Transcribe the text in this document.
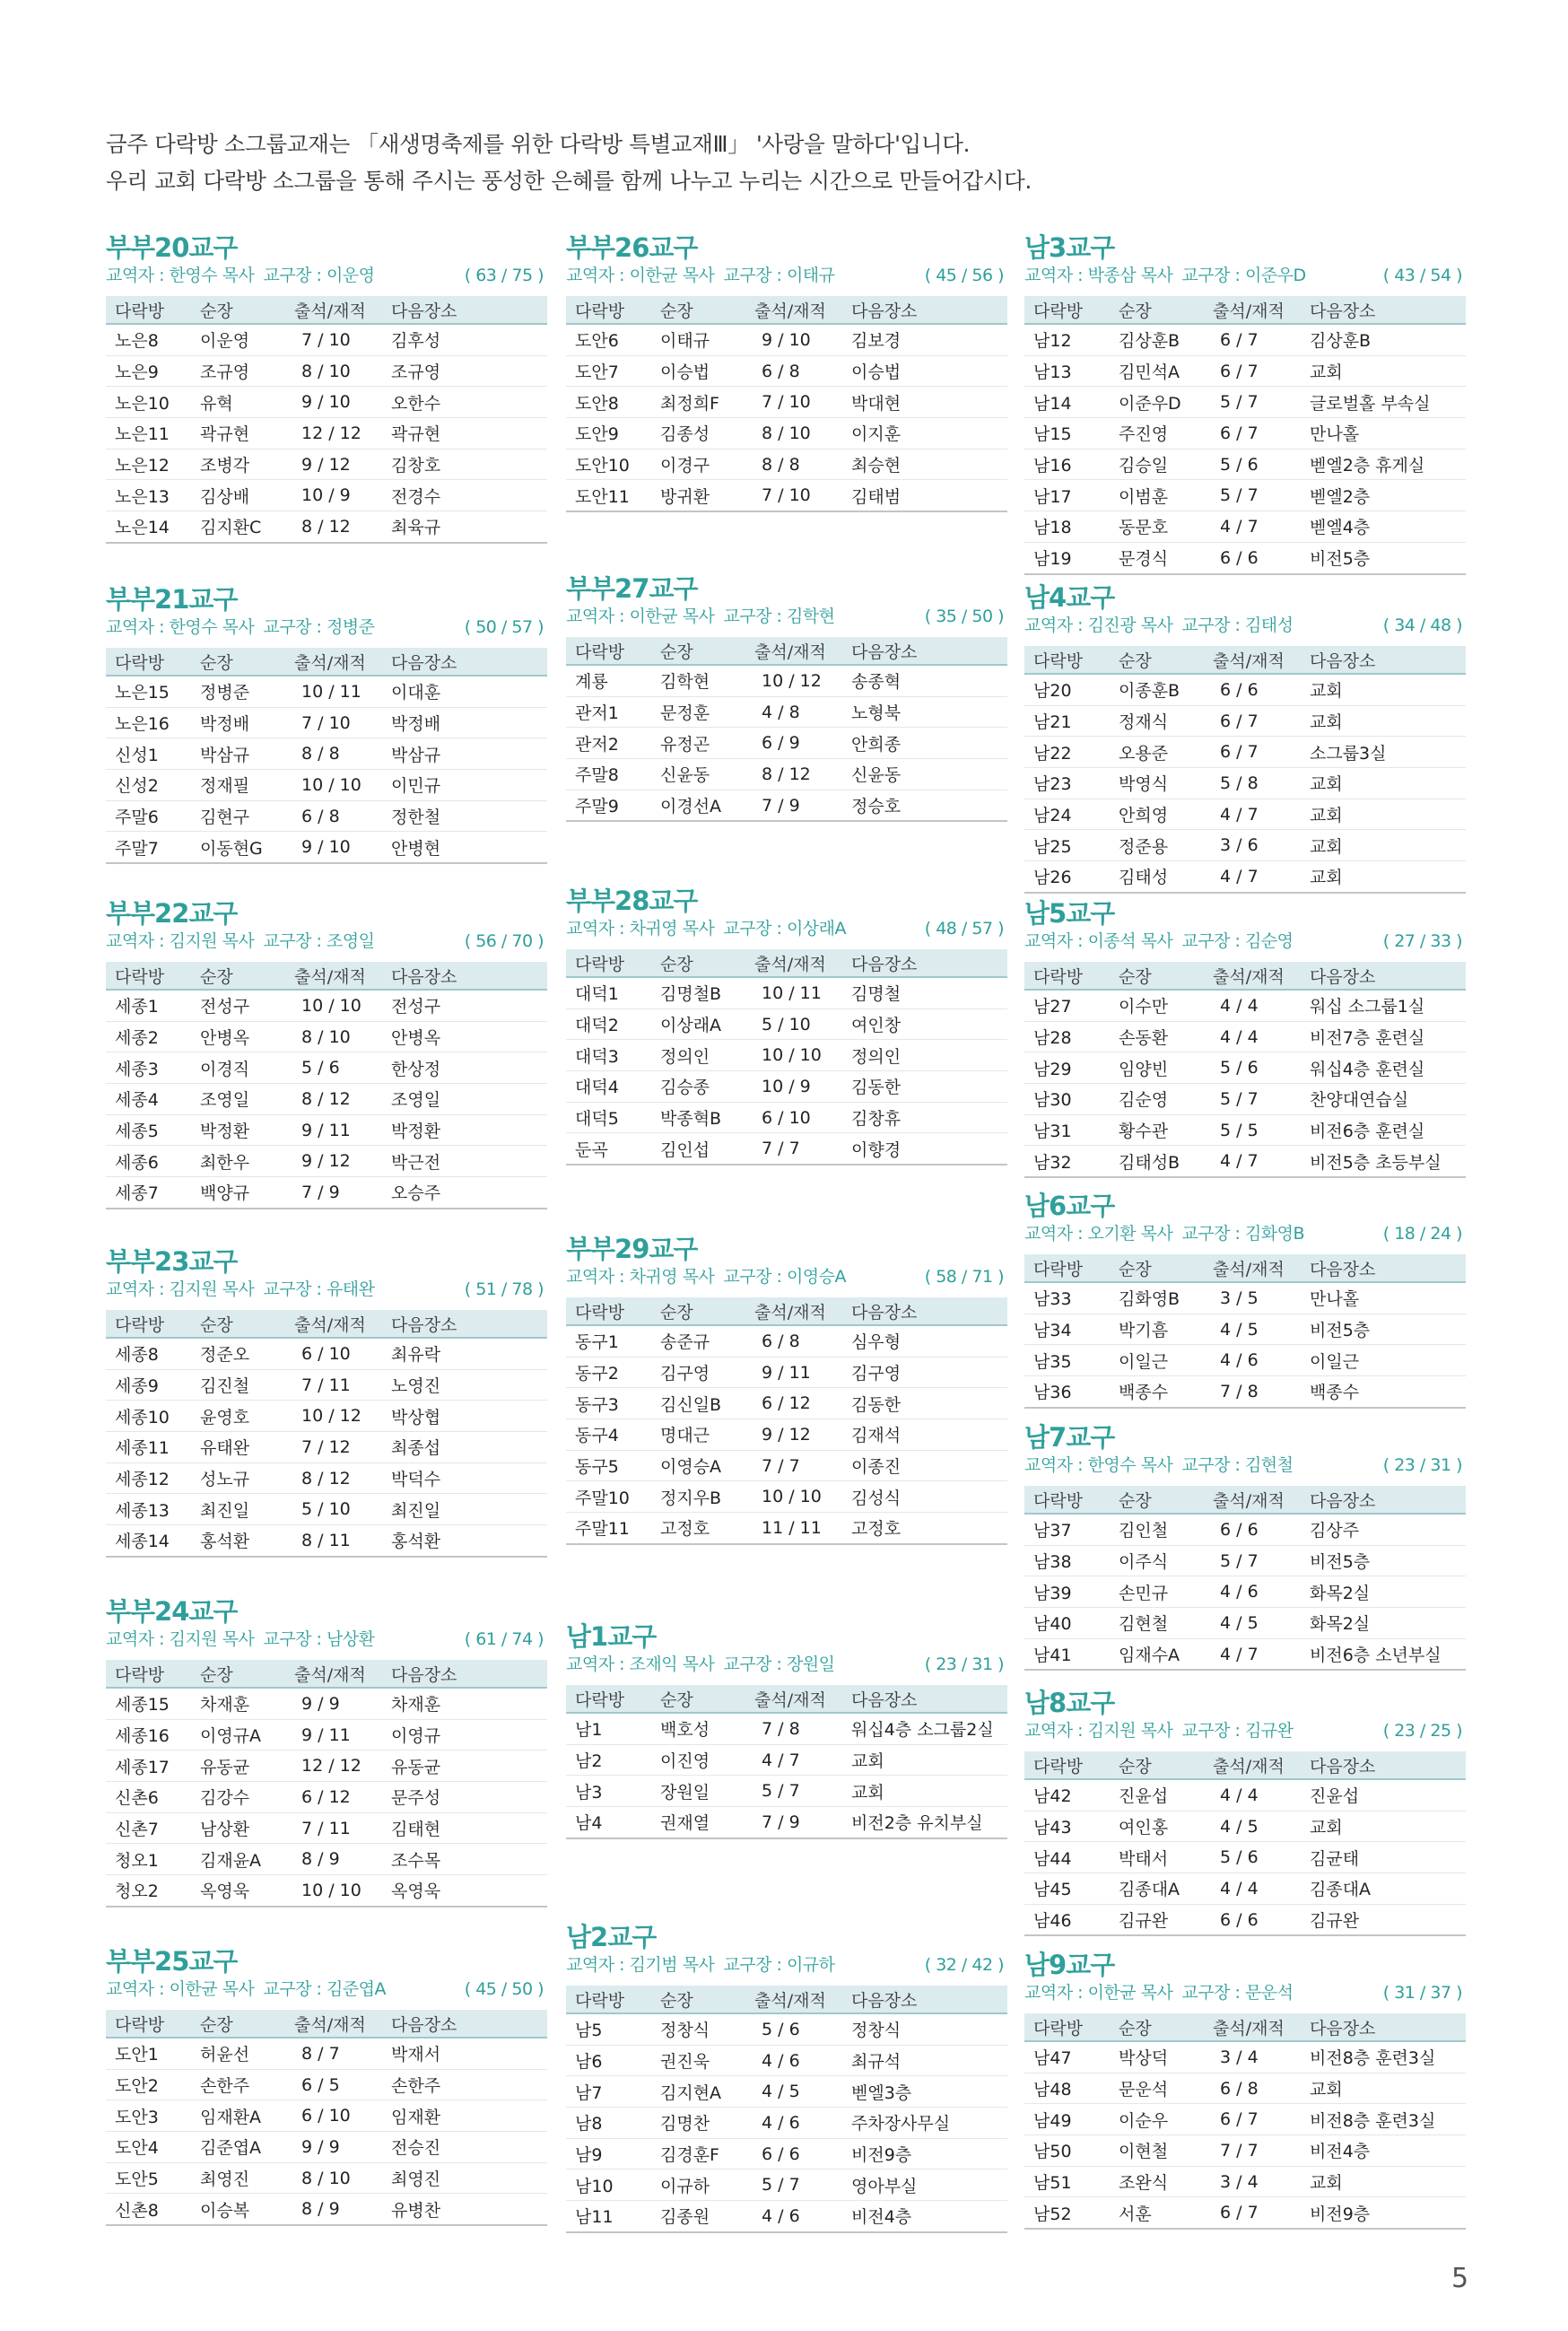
금주 다락방 소그룹교재는 「새생명축제를 위한 다락방 특별교재Ⅲ」 '사랑을 말하다'입니다.
우리 교회 다락방 소그룹을 통해 주시는 풍성한 은혜를 함께 나누고 누리는 시간으로 만들어갑시다.
부부20교구
교역자 : 한영수 목사 교구장 : 이운영	( 63 / 75 )
다락방	순장	출석/재적	다음장소
노은8	이운영	7 / 10	김후성
노은9	조규영	8 / 10	조규영
노은10	유혁	9 / 10	오한수
노은11	곽규현	12 / 12	곽규현
노은12	조병각	9 / 12	김창호
노은13	김상배	10 / 9	전경수
노은14	김지환C	8 / 12	최육규
부부21교구
교역자 : 한영수 목사 교구장 : 정병준	( 50 / 57 )
다락방	순장	출석/재적	다음장소
노은15	정병준	10 / 11	이대훈
노은16	박정배	7 / 10	박정배
신성1	박삼규	8 / 8	박삼규
신성2	정재필	10 / 10	이민규
주말6	김현구	6 / 8	정한철
주말7	이동현G	9 / 10	안병현
부부22교구
교역자 : 김지원 목사 교구장 : 조영일	( 56 / 70 )
다락방	순장	출석/재적	다음장소
세종1	전성구	10 / 10	전성구
세종2	안병옥	8 / 10	안병옥
세종3	이경직	5 / 6	한상정
세종4	조영일	8 / 12	조영일
세종5	박정환	9 / 11	박정환
세종6	최한우	9 / 12	박근전
세종7	백양규	7 / 9	오승주
부부23교구
교역자 : 김지원 목사 교구장 : 유태완	( 51 / 78 )
다락방	순장	출석/재적	다음장소
세종8	정준오	6 / 10	최유락
세종9	김진철	7 / 11	노영진
세종10	윤영호	10 / 12	박상협
세종11	유태완	7 / 12	최종섭
세종12	성노규	8 / 12	박덕수
세종13	최진일	5 / 10	최진일
세종14	홍석환	8 / 11	홍석환
부부24교구
교역자 : 김지원 목사 교구장 : 남상환	( 61 / 74 )
다락방	순장	출석/재적	다음장소
세종15	차재훈	9 / 9	차재훈
세종16	이영규A	9 / 11	이영규
세종17	유동균	12 / 12	유동균
신촌6	김강수	6 / 12	문주성
신촌7	남상환	7 / 11	김태현
청오1	김재윤A	8 / 9	조수목
청오2	옥영욱	10 / 10	옥영욱
부부25교구
교역자 : 이한균 목사 교구장 : 김준엽A	( 45 / 50 )
다락방	순장	출석/재적	다음장소
도안1	허윤선	8 / 7	박재서
도안2	손한주	6 / 5	손한주
도안3	임재환A	6 / 10	임재환
도안4	김준엽A	9 / 9	전승진
도안5	최영진	8 / 10	최영진
신촌8	이승복	8 / 9	유병찬
부부26교구
교역자 : 이한균 목사 교구장 : 이태규	( 45 / 56 )
다락방	순장	출석/재적	다음장소
도안6	이태규	9 / 10	김보경
도안7	이승법	6 / 8	이승법
도안8	최정희F	7 / 10	박대현
도안9	김종성	8 / 10	이지훈
도안10	이경구	8 / 8	최승현
도안11	방귀환	7 / 10	김태범
부부27교구
교역자 : 이한균 목사 교구장 : 김학현	( 35 / 50 )
다락방	순장	출석/재적	다음장소
계룡	김학현	10 / 12	송종혁
관저1	문정훈	4 / 8	노형북
관저2	유정곤	6 / 9	안희종
주말8	신윤동	8 / 12	신윤동
주말9	이경선A	7 / 9	정승호
부부28교구
교역자 : 차귀영 목사 교구장 : 이상래A	( 48 / 57 )
다락방	순장	출석/재적	다음장소
대덕1	김명철B	10 / 11	김명철
대덕2	이상래A	5 / 10	여인창
대덕3	정의인	10 / 10	정의인
대덕4	김승종	10 / 9	김동한
대덕5	박종혁B	6 / 10	김창휴
둔곡	김인섭	7 / 7	이향경
부부29교구
교역자 : 차귀영 목사 교구장 : 이영승A	( 58 / 71 )
다락방	순장	출석/재적	다음장소
동구1	송준규	6 / 8	심우형
동구2	김구영	9 / 11	김구영
동구3	김신일B	6 / 12	김동한
동구4	명대근	9 / 12	김재석
동구5	이영승A	7 / 7	이종진
주말10	정지우B	10 / 10	김성식
주말11	고정호	11 / 11	고정호
남1교구
교역자 : 조재익 목사 교구장 : 장원일	( 23 / 31 )
다락방	순장	출석/재적	다음장소
남1	백호성	7 / 8	워십4층 소그룹2실
남2	이진영	4 / 7	교회
남3	장원일	5 / 7	교회
남4	권재열	7 / 9	비전2층 유치부실
남2교구
교역자 : 김기범 목사 교구장 : 이규하	( 32 / 42 )
다락방	순장	출석/재적	다음장소
남5	정창식	5 / 6	정창식
남6	권진욱	4 / 6	최규석
남7	김지현A	4 / 5	벧엘3층
남8	김명찬	4 / 6	주차장사무실
남9	김경훈F	6 / 6	비전9층
남10	이규하	5 / 7	영아부실
남11	김종원	4 / 6	비전4층
남3교구
교역자 : 박종삼 목사 교구장 : 이준우D	( 43 / 54 )
다락방	순장	출석/재적	다음장소
남12	김상훈B	6 / 7	김상훈B
남13	김민석A	6 / 7	교회
남14	이준우D	5 / 7	글로벌홀 부속실
남15	주진영	6 / 7	만나홀
남16	김승일	5 / 6	벧엘2층 휴게실
남17	이범훈	5 / 7	벧엘2층
남18	동문호	4 / 7	벧엘4층
남19	문경식	6 / 6	비전5층
남4교구
교역자 : 김진광 목사 교구장 : 김태성	( 34 / 48 )
다락방	순장	출석/재적	다음장소
남20	이종훈B	6 / 6	교회
남21	정재식	6 / 7	교회
남22	오용준	6 / 7	소그룹3실
남23	박영식	5 / 8	교회
남24	안희영	4 / 7	교회
남25	정준용	3 / 6	교회
남26	김태성	4 / 7	교회
남5교구
교역자 : 이종석 목사 교구장 : 김순영	( 27 / 33 )
다락방	순장	출석/재적	다음장소
남27	이수만	4 / 4	워십 소그룹1실
남28	손동환	4 / 4	비전7층 훈련실
남29	임양빈	5 / 6	워십4층 훈련실
남30	김순영	5 / 7	찬양대연습실
남31	황수관	5 / 5	비전6층 훈련실
남32	김태성B	4 / 7	비전5층 초등부실
남6교구
교역자 : 오기환 목사 교구장 : 김화영B	( 18 / 24 )
다락방	순장	출석/재적	다음장소
남33	김화영B	3 / 5	만나홀
남34	박기흠	4 / 5	비전5층
남35	이일근	4 / 6	이일근
남36	백종수	7 / 8	백종수
남7교구
교역자 : 한영수 목사 교구장 : 김현철	( 23 / 31 )
다락방	순장	출석/재적	다음장소
남37	김인철	6 / 6	김상주
남38	이주식	5 / 7	비전5층
남39	손민규	4 / 6	화목2실
남40	김현철	4 / 5	화목2실
남41	임재수A	4 / 7	비전6층 소년부실
남8교구
교역자 : 김지원 목사 교구장 : 김규완	( 23 / 25 )
다락방	순장	출석/재적	다음장소
남42	진윤섭	4 / 4	진윤섭
남43	여인홍	4 / 5	교회
남44	박태서	5 / 6	김균태
남45	김종대A	4 / 4	김종대A
남46	김규완	6 / 6	김규완
남9교구
교역자 : 이한균 목사 교구장 : 문운석	( 31 / 37 )
다락방	순장	출석/재적	다음장소
남47	박상덕	3 / 4	비전8층 훈련3실
남48	문운석	6 / 8	교회
남49	이순우	6 / 7	비전8층 훈련3실
남50	이현철	7 / 7	비전4층
남51	조완식	3 / 4	교회
남52	서훈	6 / 7	비전9층
5
